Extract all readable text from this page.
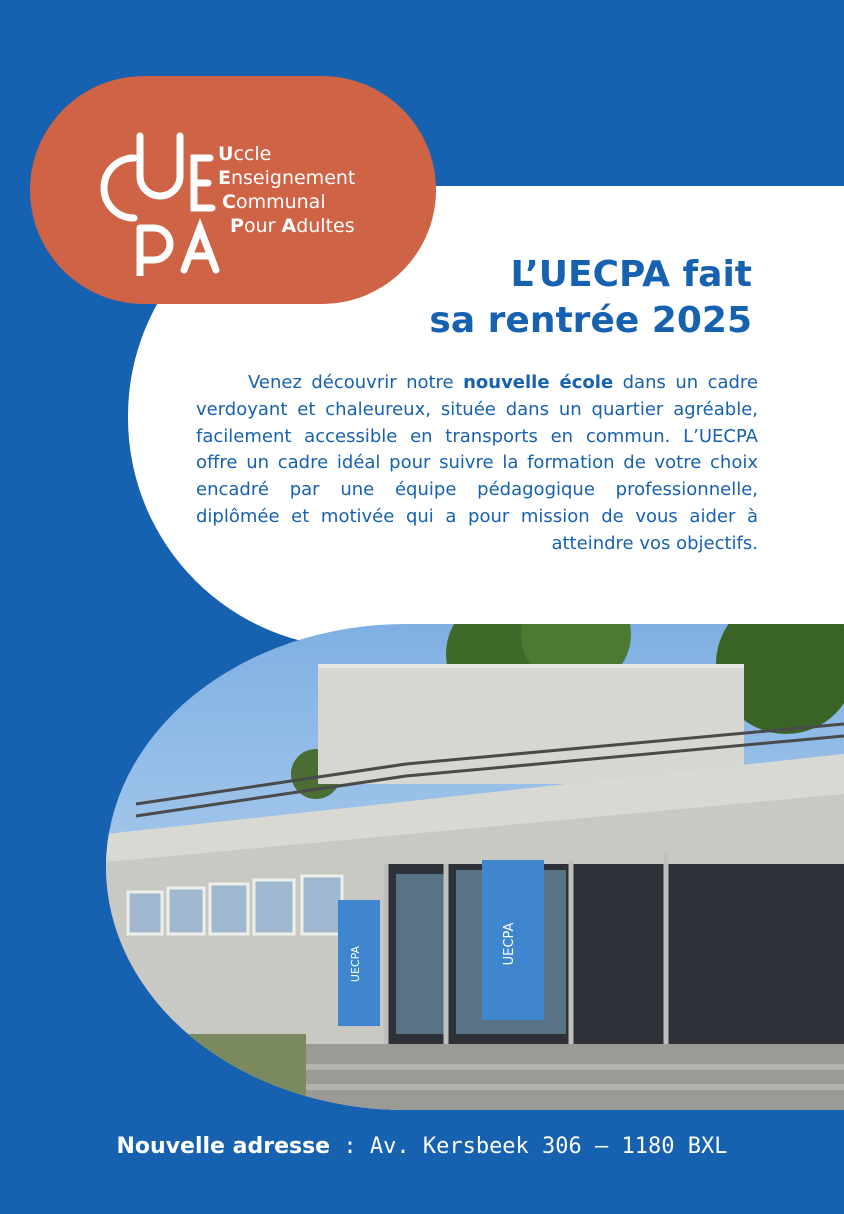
UECPA	UECPA
Uccle
Enseignement
Communal
Pour Adultes
L’UECPA fait
sa rentrée 2025
Venez découvrir notre nouvelle école dans un cadre verdoyant et chaleureux, située dans un quartier agréable, facilement accessible en transports en commun. L’UECPA offre un cadre idéal pour suivre la formation de votre choix encadré par une équipe pédagogique professionnelle, diplômée et motivée qui a pour mission de vous aider à atteindre vos objectifs.
Nouvelle adresse : Av. Kersbeek 306 – 1180 BXL
